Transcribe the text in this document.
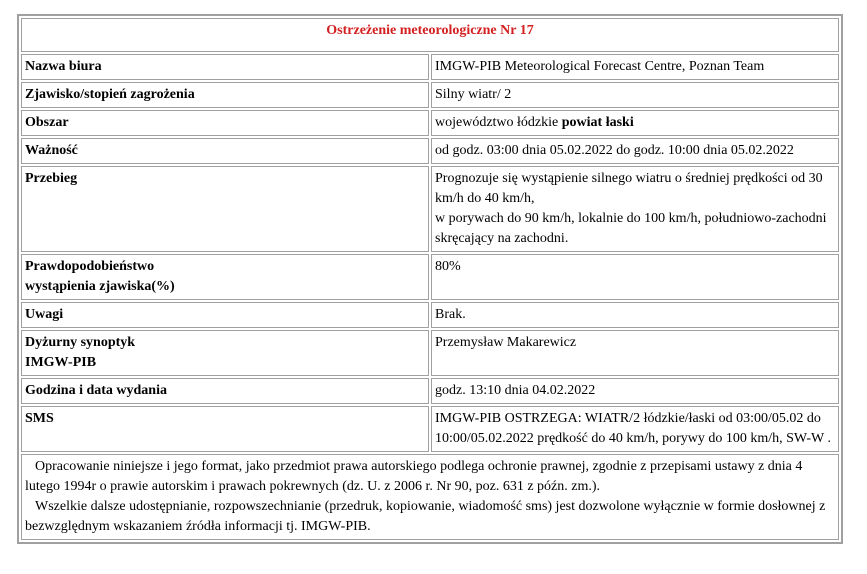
Ostrzeżenie meteorologiczne Nr 17	
Nazwa biura	IMGW-PIB Meteorological Forecast Centre, Poznan Team
Zjawisko/stopień zagrożenia	Silny wiatr/ 2
Obszar	województwo łódzkie powiat łaski
Ważność	od godz. 03:00 dnia 05.02.2022 do godz. 10:00 dnia 05.02.2022
Przebieg	Prognozuje się wystąpienie silnego wiatru o średniej prędkości od 30 km/h do 40 km/h,
w porywach do 90 km/h, lokalnie do 100 km/h, południowo-zachodni skręcający na zachodni.
Prawdopodobieństwo
wystąpienia zjawiska(%)	80%
Uwagi	Brak.
Dyżurny synoptyk
IMGW-PIB	Przemysław Makarewicz
Godzina i data wydania	godz. 13:10 dnia 04.02.2022
SMS	IMGW-PIB OSTRZEGA: WIATR/2 łódzkie/łaski od 03:00/05.02 do 10:00/05.02.2022 prędkość do 40 km/h, porywy do 100 km/h, SW-W .

Opracowanie niniejsze i jego format, jako przedmiot prawa autorskiego podlega ochronie prawnej, zgodnie z przepisami ustawy z dnia 4 lutego 1994r o prawie autorskim i prawach pokrewnych (dz. U. z 2006 r. Nr 90, poz. 631 z późn. zm.).
Wszelkie dalsze udostępnianie, rozpowszechnianie (przedruk, kopiowanie, wiadomość sms) jest dozwolone wyłącznie w formie dosłownej z bezwzględnym wskazaniem źródła informacji tj. IMGW-PIB.	
